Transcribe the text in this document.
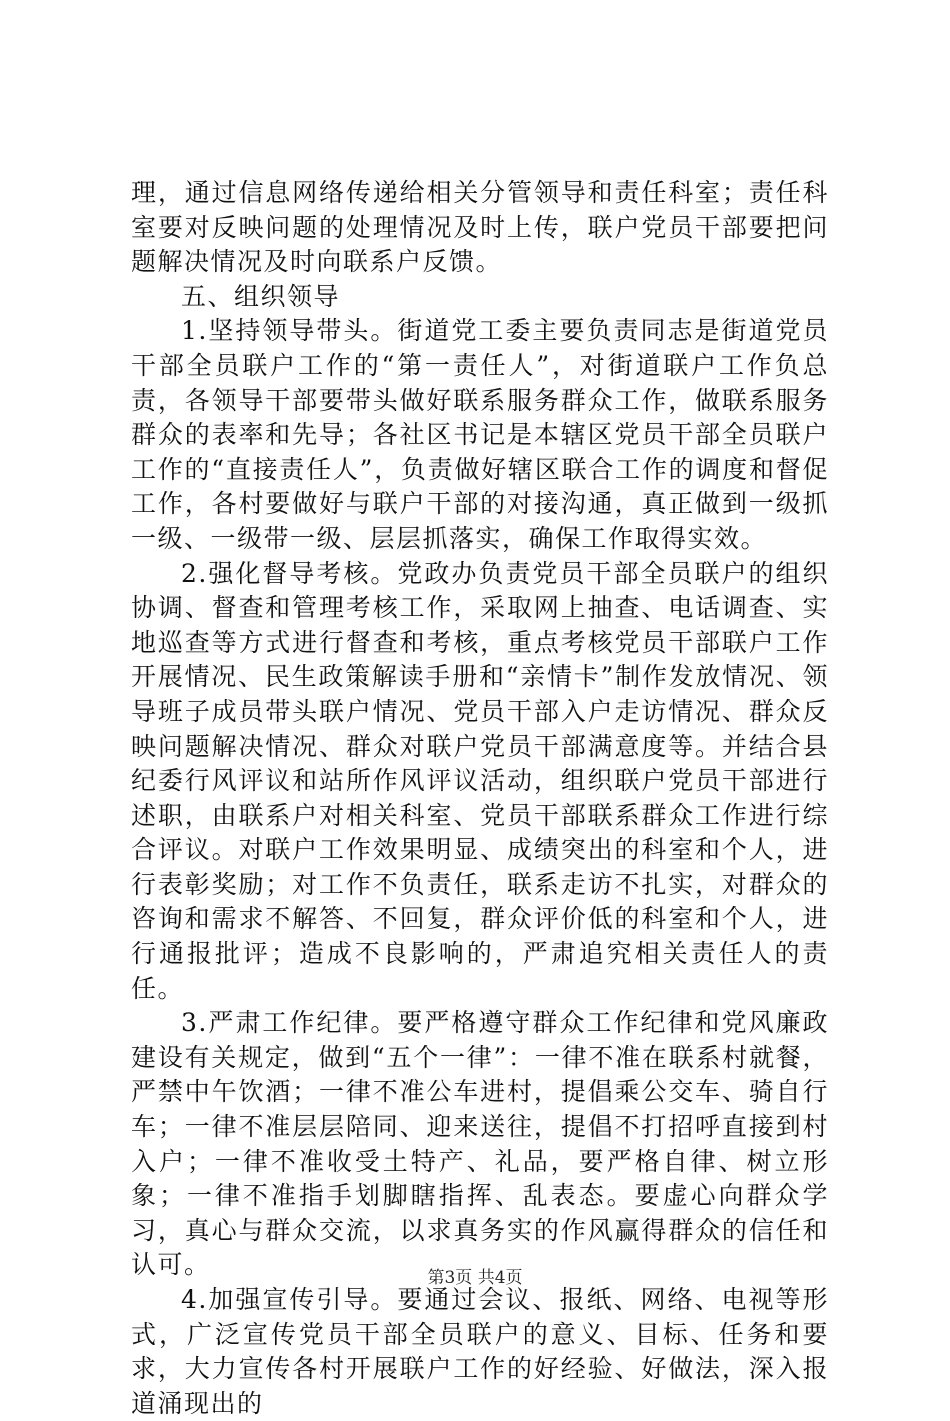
理，通过信息网络传递给相关分管领导和责任科室；责任科室要对反映问题的处理情况及时上传，联户党员干部要把问题解决情况及时向联系户反馈。

五、组织领导

1.坚持领导带头。街道党工委主要负责同志是街道党员干部全员联户工作的“第一责任人”，对街道联户工作负总责，各领导干部要带头做好联系服务群众工作，做联系服务群众的表率和先导；各社区书记是本辖区党员干部全员联户工作的“直接责任人”，负责做好辖区联合工作的调度和督促工作，各村要做好与联户干部的对接沟通，真正做到一级抓一级、一级带一级、层层抓落实，确保工作取得实效。

2.强化督导考核。党政办负责党员干部全员联户的组织协调、督查和管理考核工作，采取网上抽查、电话调查、实地巡查等方式进行督查和考核，重点考核党员干部联户工作开展情况、民生政策解读手册和“亲情卡”制作发放情况、领导班子成员带头联户情况、党员干部入户走访情况、群众反映问题解决情况、群众对联户党员干部满意度等。并结合县纪委行风评议和站所作风评议活动，组织联户党员干部进行述职，由联系户对相关科室、党员干部联系群众工作进行综合评议。对联户工作效果明显、成绩突出的科室和个人，进行表彰奖励；对工作不负责任，联系走访不扎实，对群众的咨询和需求不解答、不回复，群众评价低的科室和个人，进行通报批评；造成不良影响的，严肃追究相关责任人的责任。

3.严肃工作纪律。要严格遵守群众工作纪律和党风廉政建设有关规定，做到“五个一律”：一律不准在联系村就餐，严禁中午饮酒；一律不准公车进村，提倡乘公交车、骑自行车；一律不准层层陪同、迎来送往，提倡不打招呼直接到村入户；一律不准收受土特产、礼品，要严格自律、树立形象；一律不准指手划脚瞎指挥、乱表态。要虚心向群众学习，真心与群众交流，以求真务实的作风赢得群众的信任和认可。

4.加强宣传引导。要通过会议、报纸、网络、电视等形式，广泛宣传党员干部全员联户的意义、目标、任务和要求，大力宣传各村开展联户工作的好经验、好做法，深入报道涌现出的

第3页 共4页
